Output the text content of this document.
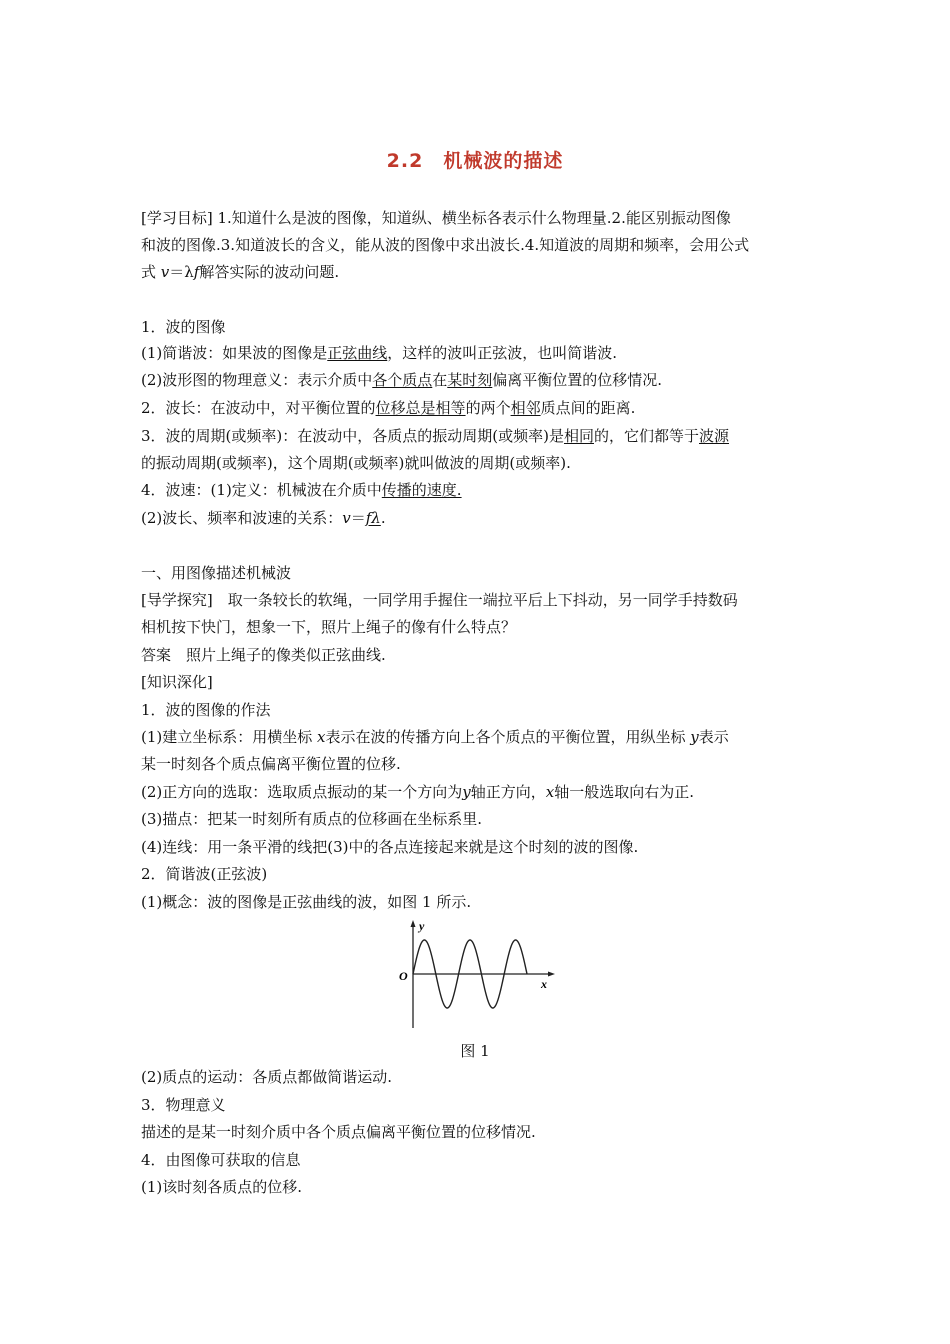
2.2　机械波的描述
[学习目标] 1.知道什么是波的图像，知道纵、横坐标各表示什么物理量.2.能区别振动图像
和波的图像.3.知道波长的含义，能从波的图像中求出波长.4.知道波的周期和频率，会用公式
式 v＝λf解答实际的波动问题.
1．波的图像
(1)简谐波：如果波的图像是正弦曲线，这样的波叫正弦波，也叫简谐波.
(2)波形图的物理意义：表示介质中各个质点在某时刻偏离平衡位置的位移情况.
2．波长：在波动中，对平衡位置的位移总是相等的两个相邻质点间的距离.
3．波的周期(或频率)：在波动中，各质点的振动周期(或频率)是相同的，它们都等于波源
的振动周期(或频率)，这个周期(或频率)就叫做波的周期(或频率).
4．波速：(1)定义：机械波在介质中传播的速度.
(2)波长、频率和波速的关系：v＝fλ.
一、用图像描述机械波
[导学探究]　取一条较长的软绳，一同学用手握住一端拉平后上下抖动，另一同学手持数码
相机按下快门，想象一下，照片上绳子的像有什么特点？
答案　照片上绳子的像类似正弦曲线.
[知识深化]
1．波的图像的作法
(1)建立坐标系：用横坐标 x表示在波的传播方向上各个质点的平衡位置，用纵坐标 y表示
某一时刻各个质点偏离平衡位置的位移.
(2)正方向的选取：选取质点振动的某一个方向为y轴正方向，x轴一般选取向右为正.
(3)描点：把某一时刻所有质点的位移画在坐标系里.
(4)连线：用一条平滑的线把(3)中的各点连接起来就是这个时刻的波的图像.
2．简谐波(正弦波)
(1)概念：波的图像是正弦曲线的波，如图 1 所示.
y
O
x
图 1
(2)质点的运动：各质点都做简谐运动.
3．物理意义
描述的是某一时刻介质中各个质点偏离平衡位置的位移情况.
4．由图像可获取的信息
(1)该时刻各质点的位移.
